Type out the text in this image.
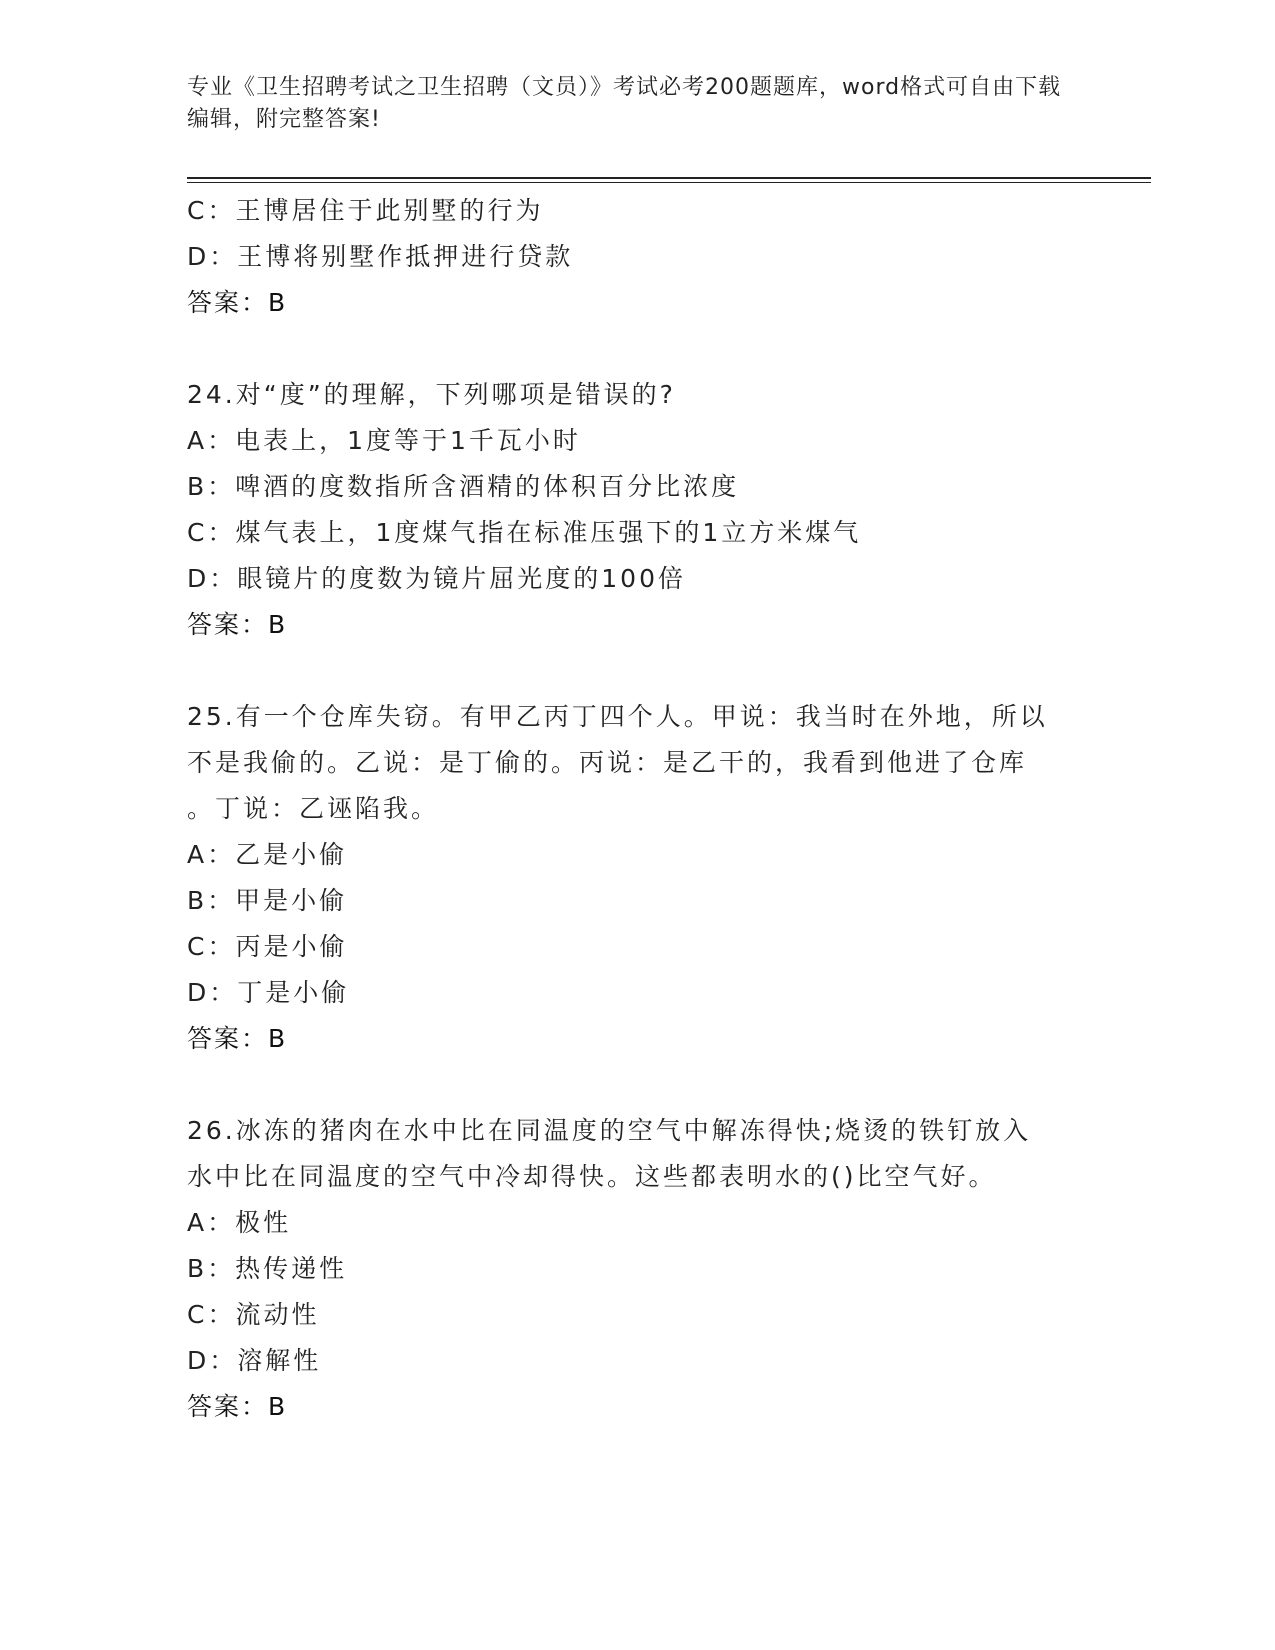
专业《卫生招聘考试之卫生招聘（文员）》考试必考200题题库，word格式可自由下载编辑，附完整答案!
C：王博居住于此别墅的行为
D：王博将别墅作抵押进行贷款
答案：B
24.对“度”的理解，下列哪项是错误的?
A：电表上，1度等于1千瓦小时
B：啤酒的度数指所含酒精的体积百分比浓度
C：煤气表上，1度煤气指在标准压强下的1立方米煤气
D：眼镜片的度数为镜片屈光度的100倍
答案：B
25.有一个仓库失窃。有甲乙丙丁四个人。甲说：我当时在外地，所以
不是我偷的。乙说：是丁偷的。丙说：是乙干的，我看到他进了仓库
。丁说：乙诬陷我。
A：乙是小偷
B：甲是小偷
C：丙是小偷
D：丁是小偷
答案：B
26.冰冻的猪肉在水中比在同温度的空气中解冻得快;烧烫的铁钉放入
水中比在同温度的空气中冷却得快。这些都表明水的()比空气好。
A：极性
B：热传递性
C：流动性
D：溶解性
答案：B
